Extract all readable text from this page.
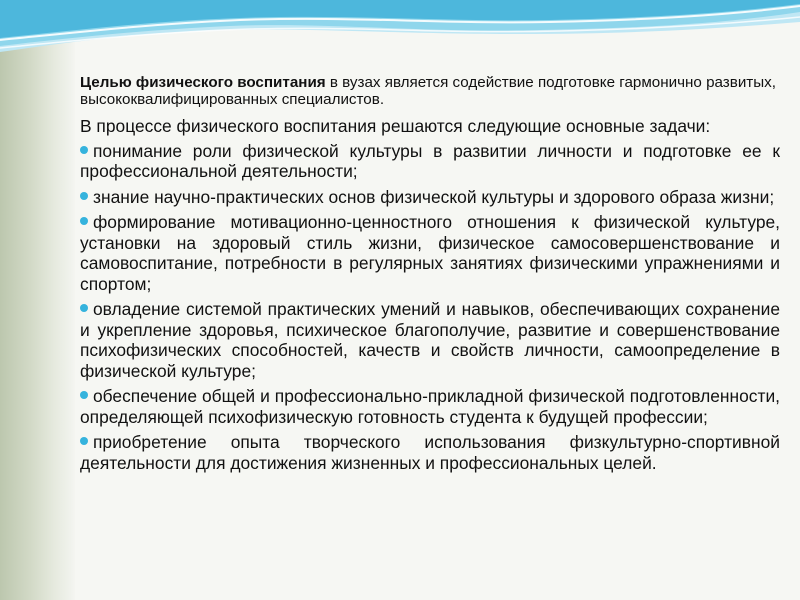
Целью физического воспитания в вузах является содействие подготовке гармонично развитых, высококвалифицированных специалистов.

В процессе физического воспитания решаются следующие основные задачи:

понимание роли физической культуры в развитии личности и подготовке ее к профессиональной деятельности;

знание научно-практических основ физической культуры и здорового образа жизни;

формирование мотивационно-ценностного отношения к физической культуре, установки на здоровый стиль жизни, физическое самосовершенствование и самовоспитание, потребности в регулярных занятиях физическими упражнениями и спортом;

овладение системой практических умений и навыков, обеспечивающих сохранение и укрепление здоровья, психическое благополучие, развитие и совершенствование психофизических способностей, качеств и свойств личности, самоопределение в физической культуре;

обеспечение общей и профессионально-прикладной физической подготовленности, определяющей психофизическую готовность студента к будущей профессии;

приобретение опыта творческого использования физкультурно-спортивной деятельности для достижения жизненных и профессиональных целей.
